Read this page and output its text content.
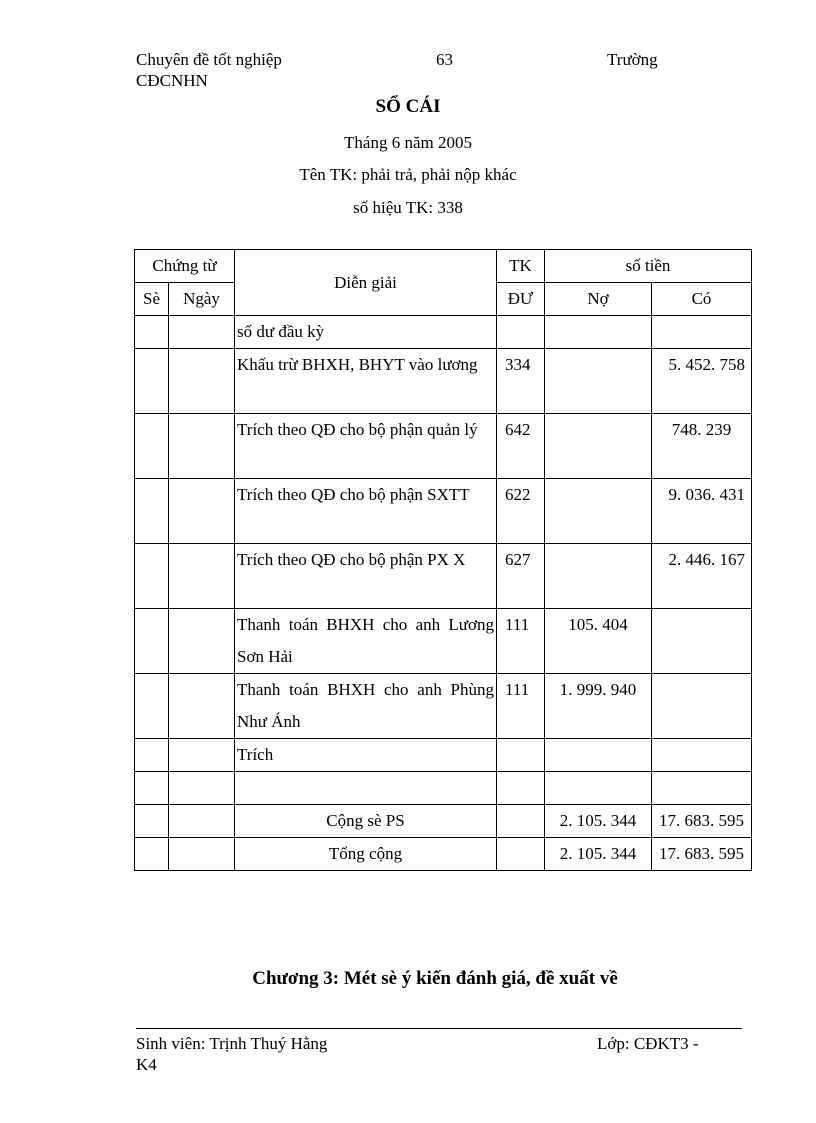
Chuyên đề tốt nghiệp	63	Trường
CĐCNHN
SỔ CÁI
Tháng 6 năm 2005
Tên TK: phải trả, phải nộp khác
số hiệu TK: 338
Chứng từ		Diễn giải	TK	số tiền	
Sè	Ngày		ĐƯ	Nợ	Có
		số dư đầu kỳ			
		Khấu trừ BHXH, BHYT vào lương	334		5. 452. 758
		Trích theo QĐ cho bộ phận quản lý	642		748. 239
		Trích theo QĐ cho bộ phận SXTT	622		9. 036. 431
		Trích theo QĐ cho bộ phận PX X	627		2. 446. 167
		Thanh toán BHXH cho anh Lương Sơn Hải	111	105. 404	
		Thanh toán BHXH cho anh Phùng Như Ánh	111	1. 999. 940	
		Trích			

		Cộng sè PS		2. 105. 344	17. 683. 595
		Tổng cộng		2. 105. 344	17. 683. 595
Chương 3: Mét sè ý kiến đánh giá, đề xuất về
Sinh viên: Trịnh Thuý Hằng	Lớp: CĐKT3 -
K4
